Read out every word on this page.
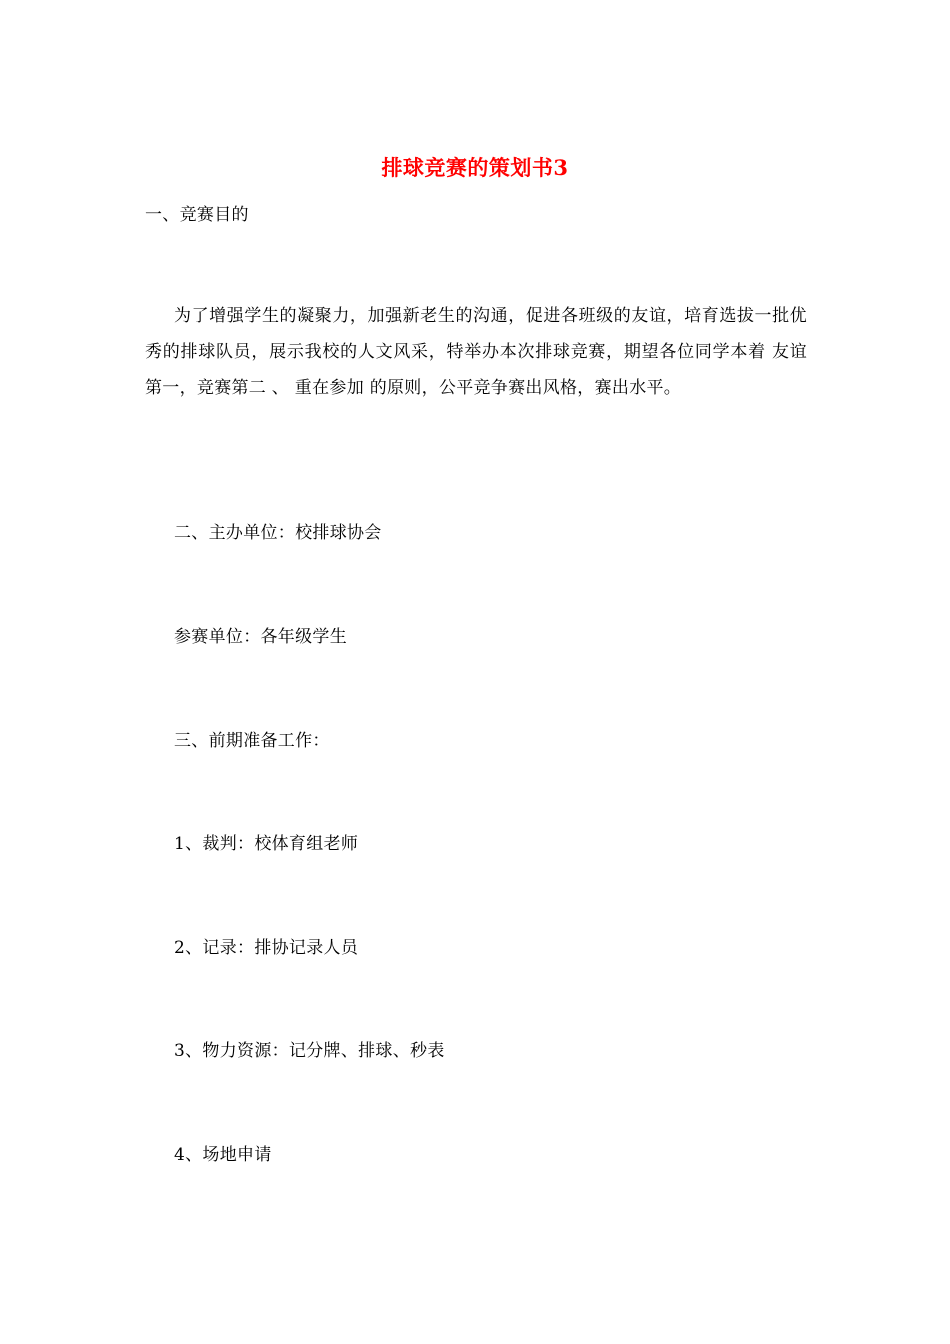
排球竞赛的策划书3
一、竞赛目的
为了增强学生的凝聚力，加强新老生的沟通，促进各班级的友谊，培育选拔一批优秀的排球队员，展示我校的人文风采，特举办本次排球竞赛，期望各位同学本着 友谊第一，竞赛第二 、 重在参加 的原则，公平竞争赛出风格，赛出水平。
二、主办单位：校排球协会
参赛单位：各年级学生
三、前期准备工作：
1、裁判：校体育组老师
2、记录：排协记录人员
3、物力资源：记分牌、排球、秒表
4、场地申请
